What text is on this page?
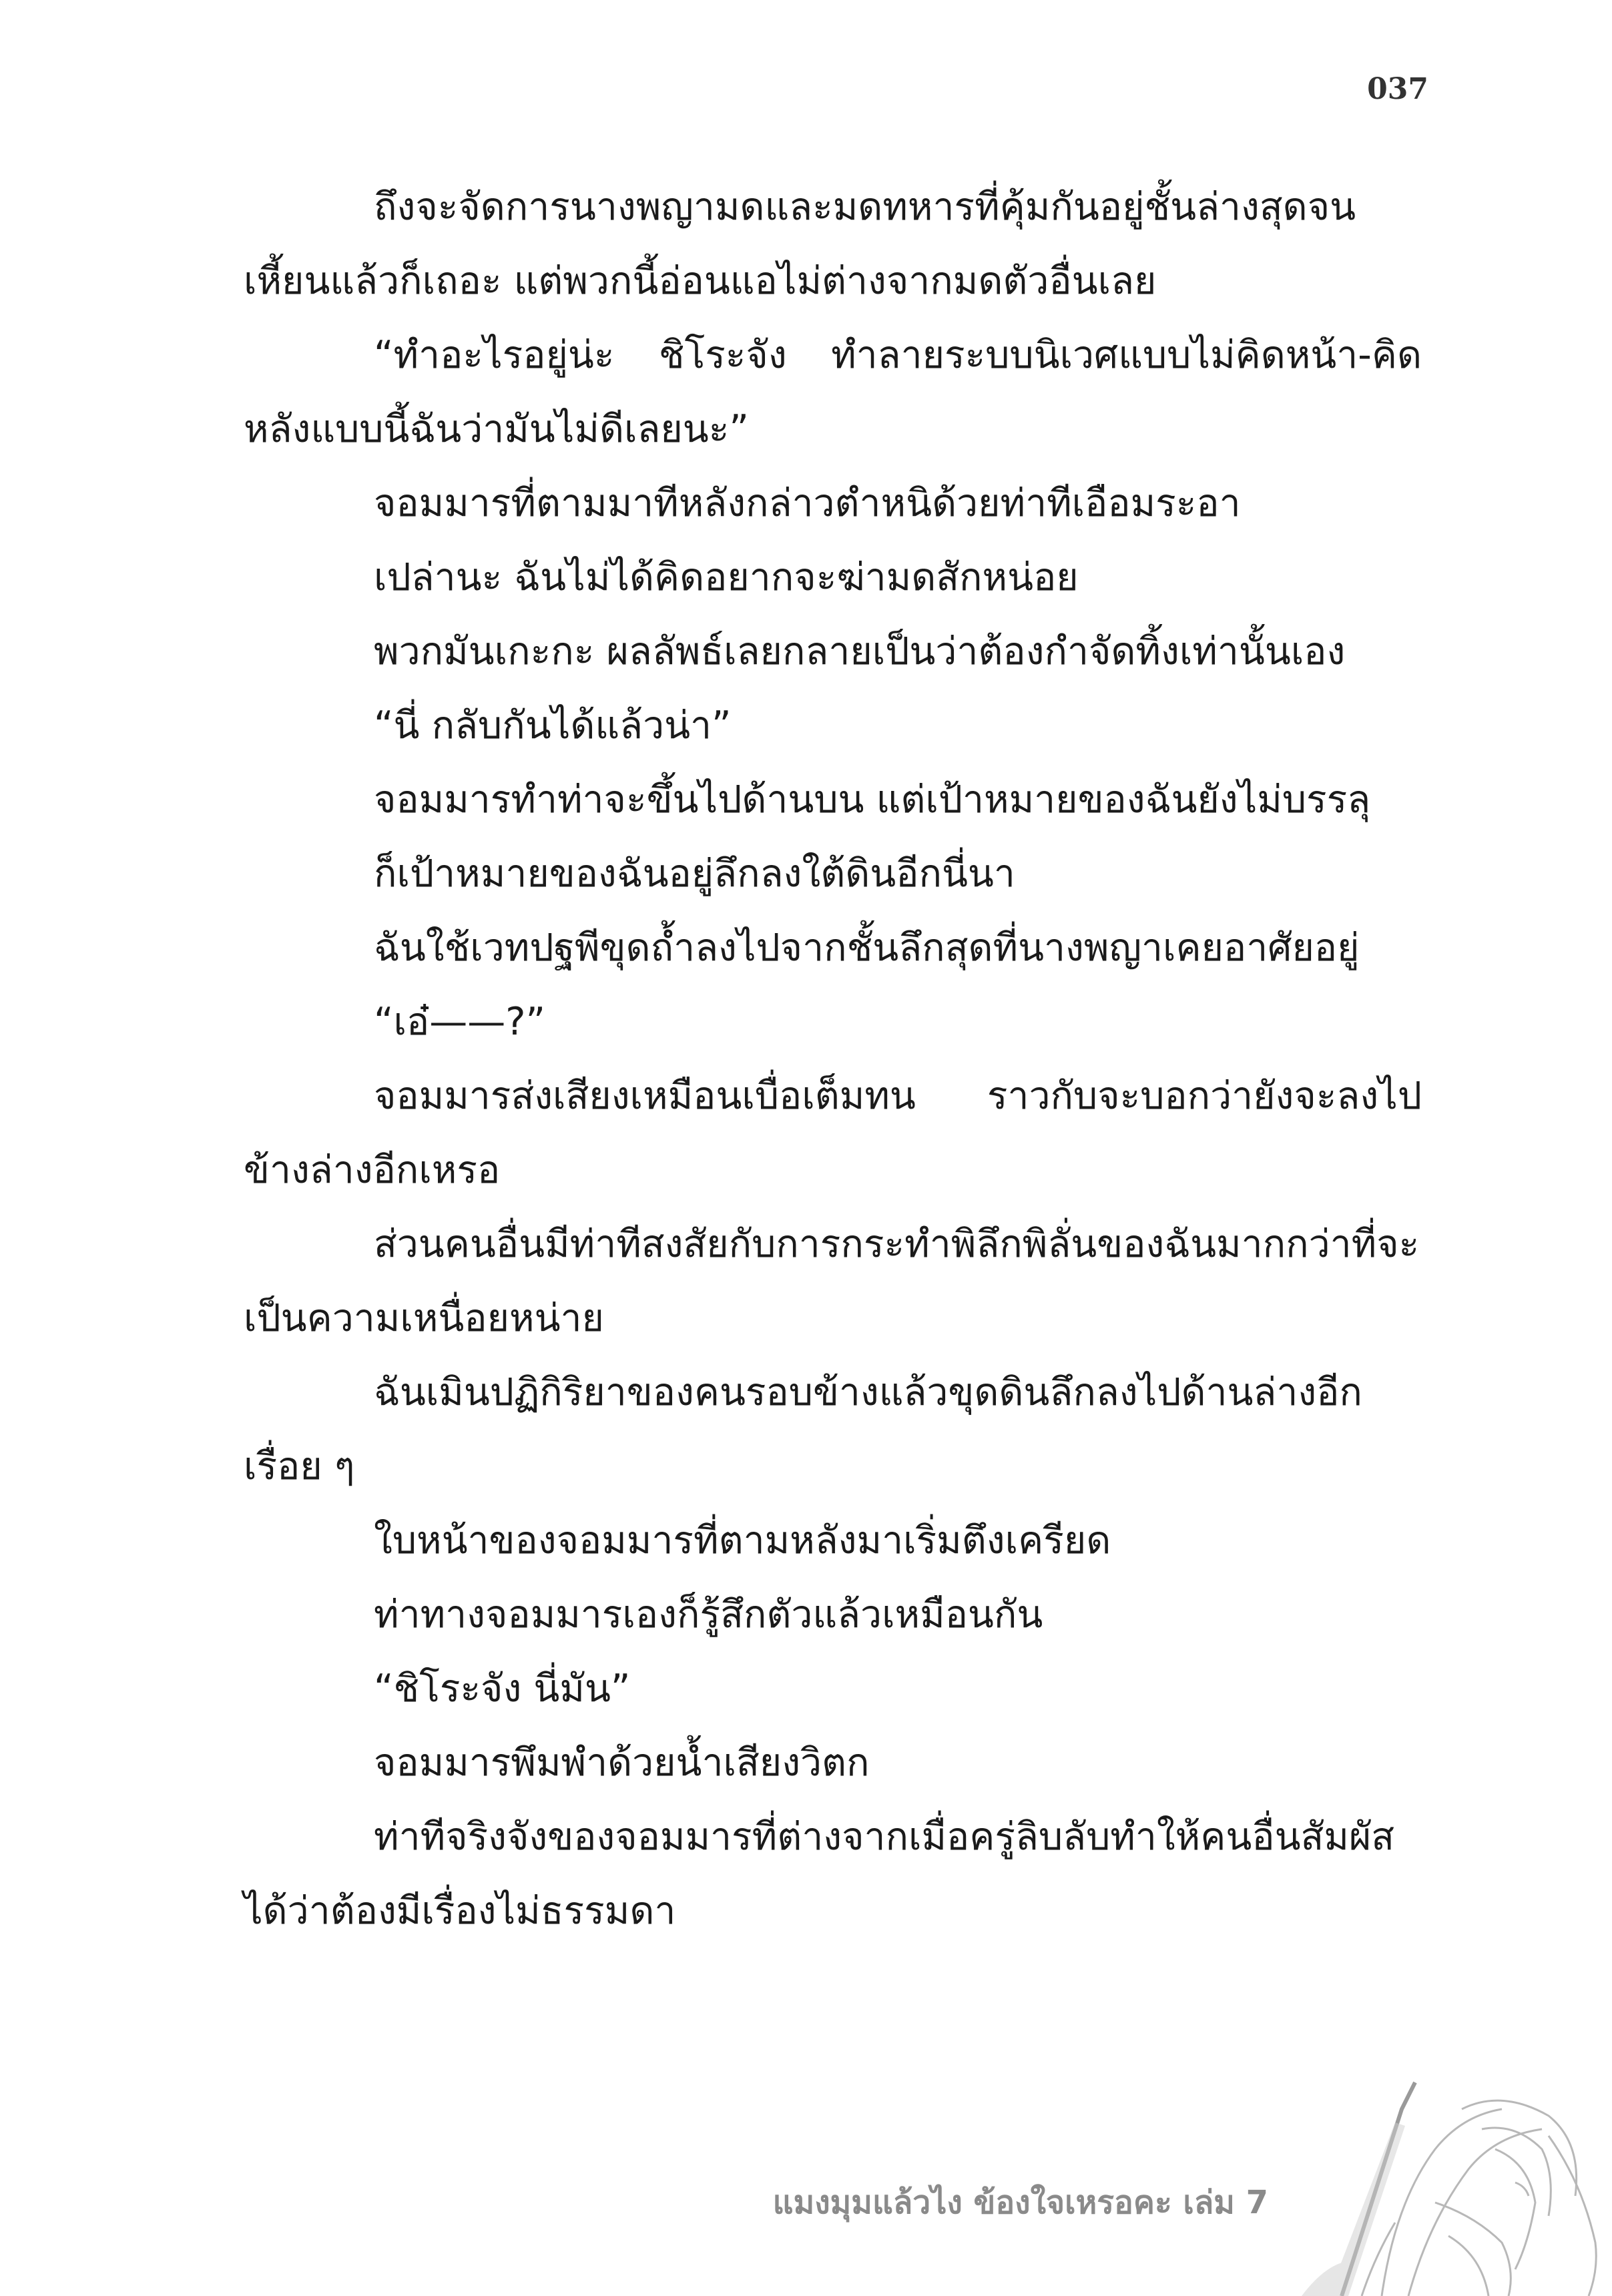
037

ถึงจะจัดการนางพญามดและมดทหารที่คุ้มกันอยู่ชั้นล่างสุดจนเหี้ยนแล้วก็เถอะ แต่พวกนี้อ่อนแอไม่ต่างจากมดตัวอื่นเลย

“ทำอะไรอยู่น่ะ ชิโระจัง ทำลายระบบนิเวศแบบไม่คิดหน้า-คิดหลังแบบนี้ฉันว่ามันไม่ดีเลยนะ”

จอมมารที่ตามมาทีหลังกล่าวตำหนิด้วยท่าทีเอือมระอา

เปล่านะ ฉันไม่ได้คิดอยากจะฆ่ามดสักหน่อย

พวกมันเกะกะ ผลลัพธ์เลยกลายเป็นว่าต้องกำจัดทิ้งเท่านั้นเอง

“นี่ กลับกันได้แล้วน่า”

จอมมารทำท่าจะขึ้นไปด้านบน แต่เป้าหมายของฉันยังไม่บรรลุ

ก็เป้าหมายของฉันอยู่ลึกลงใต้ดินอีกนี่นา

ฉันใช้เวทปฐพีขุดถ้ำลงไปจากชั้นลึกสุดที่นางพญาเคยอาศัยอยู่

“เอ๋——?”

จอมมารส่งเสียงเหมือนเบื่อเต็มทน ราวกับจะบอกว่ายังจะลงไปข้างล่างอีกเหรอ

ส่วนคนอื่นมีท่าทีสงสัยกับการกระทำพิลึกพิลั่นของฉันมากกว่าที่จะเป็นความเหนื่อยหน่าย

ฉันเมินปฏิกิริยาของคนรอบข้างแล้วขุดดินลึกลงไปด้านล่างอีกเรื่อย ๆ

ใบหน้าของจอมมารที่ตามหลังมาเริ่มตึงเครียด

ท่าทางจอมมารเองก็รู้สึกตัวแล้วเหมือนกัน

“ชิโระจัง นี่มัน”

จอมมารพึมพำด้วยน้ำเสียงวิตก

ท่าทีจริงจังของจอมมารที่ต่างจากเมื่อครู่ลิบลับทำให้คนอื่นสัมผัสได้ว่าต้องมีเรื่องไม่ธรรมดา

แมงมุมแล้วไง ข้องใจเหรอคะ เล่ม 7
